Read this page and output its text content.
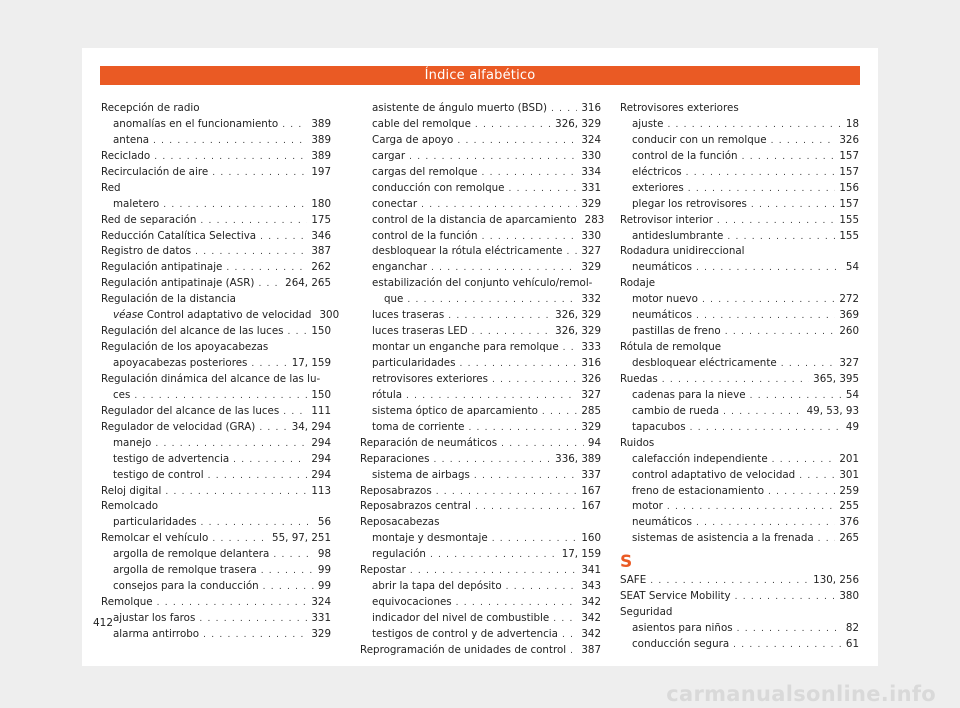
Índice alfabético
Recepción de radio
anomalías en el funcionamiento . . .	389
antena . . .	389
Reciclado . . .	389
Recirculación de aire . . .	197
Red
maletero . . .	180
Red de separación . . .	175
Reducción Catalítica Selectiva . . .	346
Registro de datos . . .	387
Regulación antipatinaje . . .	262
Regulación antipatinaje (ASR) . . .	264, 265
Regulación de la distancia
véase Control adaptativo de velocidad 300
Regulación del alcance de las luces . . .	150
Regulación de los apoyacabezas
apoyacabezas posteriores . . .	17, 159
Regulación dinámica del alcance de las lu-
ces . . .	150
Regulador del alcance de las luces . . .	111
Regulador de velocidad (GRA) . . .	34, 294
manejo . . .	294
testigo de advertencia . . .	294
testigo de control . . .	294
Reloj digital . . .	113
Remolcado
particularidades . . .	56
Remolcar el vehículo . . .	55, 97, 251
argolla de remolque delantera . . .	98
argolla de remolque trasera . . .	99
consejos para la conducción . . .	99
Remolque . . .	324
ajustar los faros . . .	331
alarma antirrobo . . .	329
asistente de ángulo muerto (BSD) . . .	316
cable del remolque . . .	326, 329
Carga de apoyo . . .	324
cargar . . .	330
cargas del remolque . . .	334
conducción con remolque . . .	331
conectar . . .	329
control de la distancia de aparcamiento 283
control de la función . . .	330
desbloquear la rótula eléctricamente . . . 327
enganchar . . .	329
estabilización del conjunto vehículo/remol-
que . . .	332
luces traseras . . .	326, 329
luces traseras LED . . .	326, 329
montar un enganche para remolque . . . 333
particularidades . . .	316
retrovisores exteriores . . .	326
rótula . . .	327
sistema óptico de aparcamiento . . .	285
toma de corriente . . .	329
Reparación de neumáticos . . .	94
Reparaciones . . .	336, 389
sistema de airbags . . .	337
Reposabrazos . . .	167
Reposabrazos central . . .	167
Reposacabezas
montaje y desmontaje . . .	160
regulación . . .	17, 159
Repostar . . .	341
abrir la tapa del depósito . . .	343
equivocaciones . . .	342
indicador del nivel de combustible . . .	342
testigos de control y de advertencia . . . 342
Reprogramación de unidades de control . . . 387
Retrovisores exteriores
ajuste . . .	18
conducir con un remolque . . .	326
control de la función . . .	157
eléctricos . . .	157
exteriores . . .	156
plegar los retrovisores . . .	157
Retrovisor interior . . .	155
antideslumbrante . . .	155
Rodadura unidireccional
neumáticos . . .	54
Rodaje
motor nuevo . . .	272
neumáticos . . .	369
pastillas de freno . . .	260
Rótula de remolque
desbloquear eléctricamente . . .	327
Ruedas . . .	365, 395
cadenas para la nieve . . .	54
cambio de rueda . . .	49, 53, 93
tapacubos . . .	49
Ruidos
calefacción independiente . . .	201
control adaptativo de velocidad . . .	301
freno de estacionamiento . . .	259
motor . . .	255
neumáticos . . .	376
sistemas de asistencia a la frenada . . . 265
S
SAFE . . .	130, 256
SEAT Service Mobility . . .	380
Seguridad
asientos para niños . . .	82
conducción segura . . .	61
412
carmanualsonline.info
